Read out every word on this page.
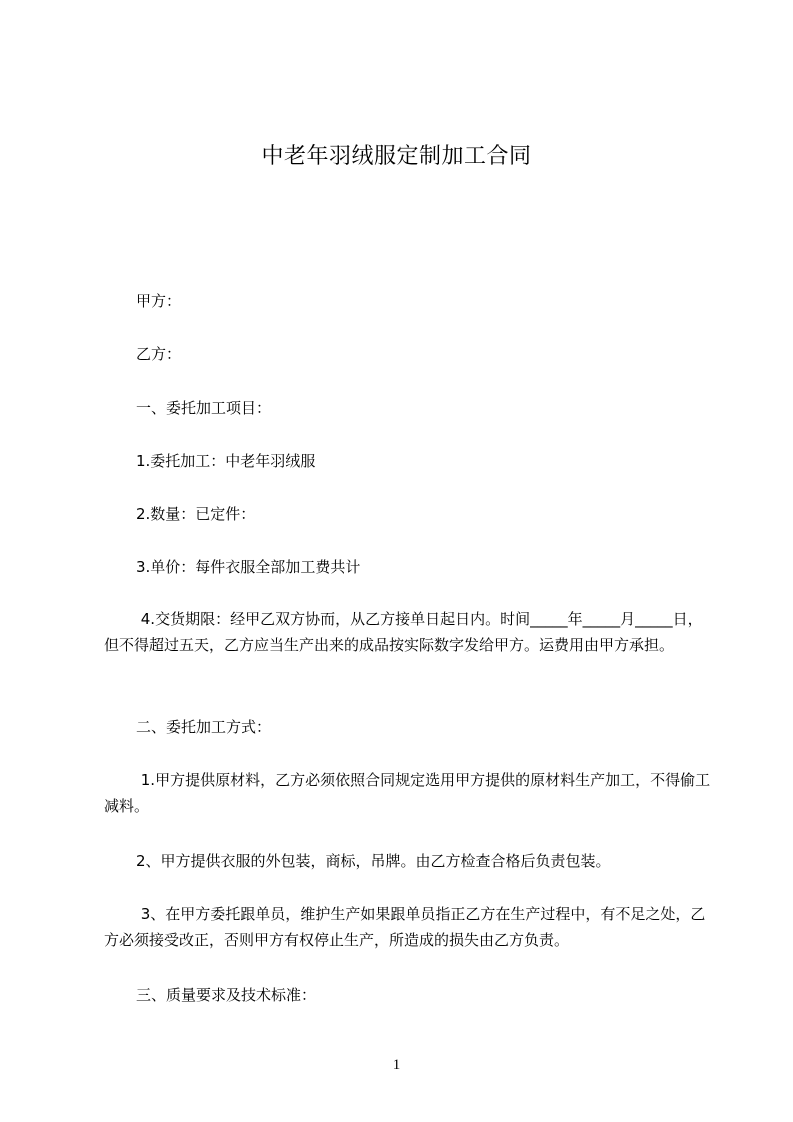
中老年羽绒服定制加工合同

甲方：

乙方：

一、委托加工项目：

1.委托加工：中老年羽绒服

2.数量：已定件：

3.单价：每件衣服全部加工费共计

4.交货期限：经甲乙双方协而，从乙方接单日起日内。时间_____年_____月_____日，但不得超过五天，乙方应当生产出来的成品按实际数字发给甲方。运费用由甲方承担。

二、委托加工方式：

1.甲方提供原材料，乙方必须依照合同规定选用甲方提供的原材料生产加工，不得偷工减料。

2、甲方提供衣服的外包装，商标，吊牌。由乙方检查合格后负责包装。

3、在甲方委托跟单员，维护生产如果跟单员指正乙方在生产过程中，有不足之处，乙方必须接受改正，否则甲方有权停止生产，所造成的损失由乙方负责。

三、质量要求及技术标准：

1
